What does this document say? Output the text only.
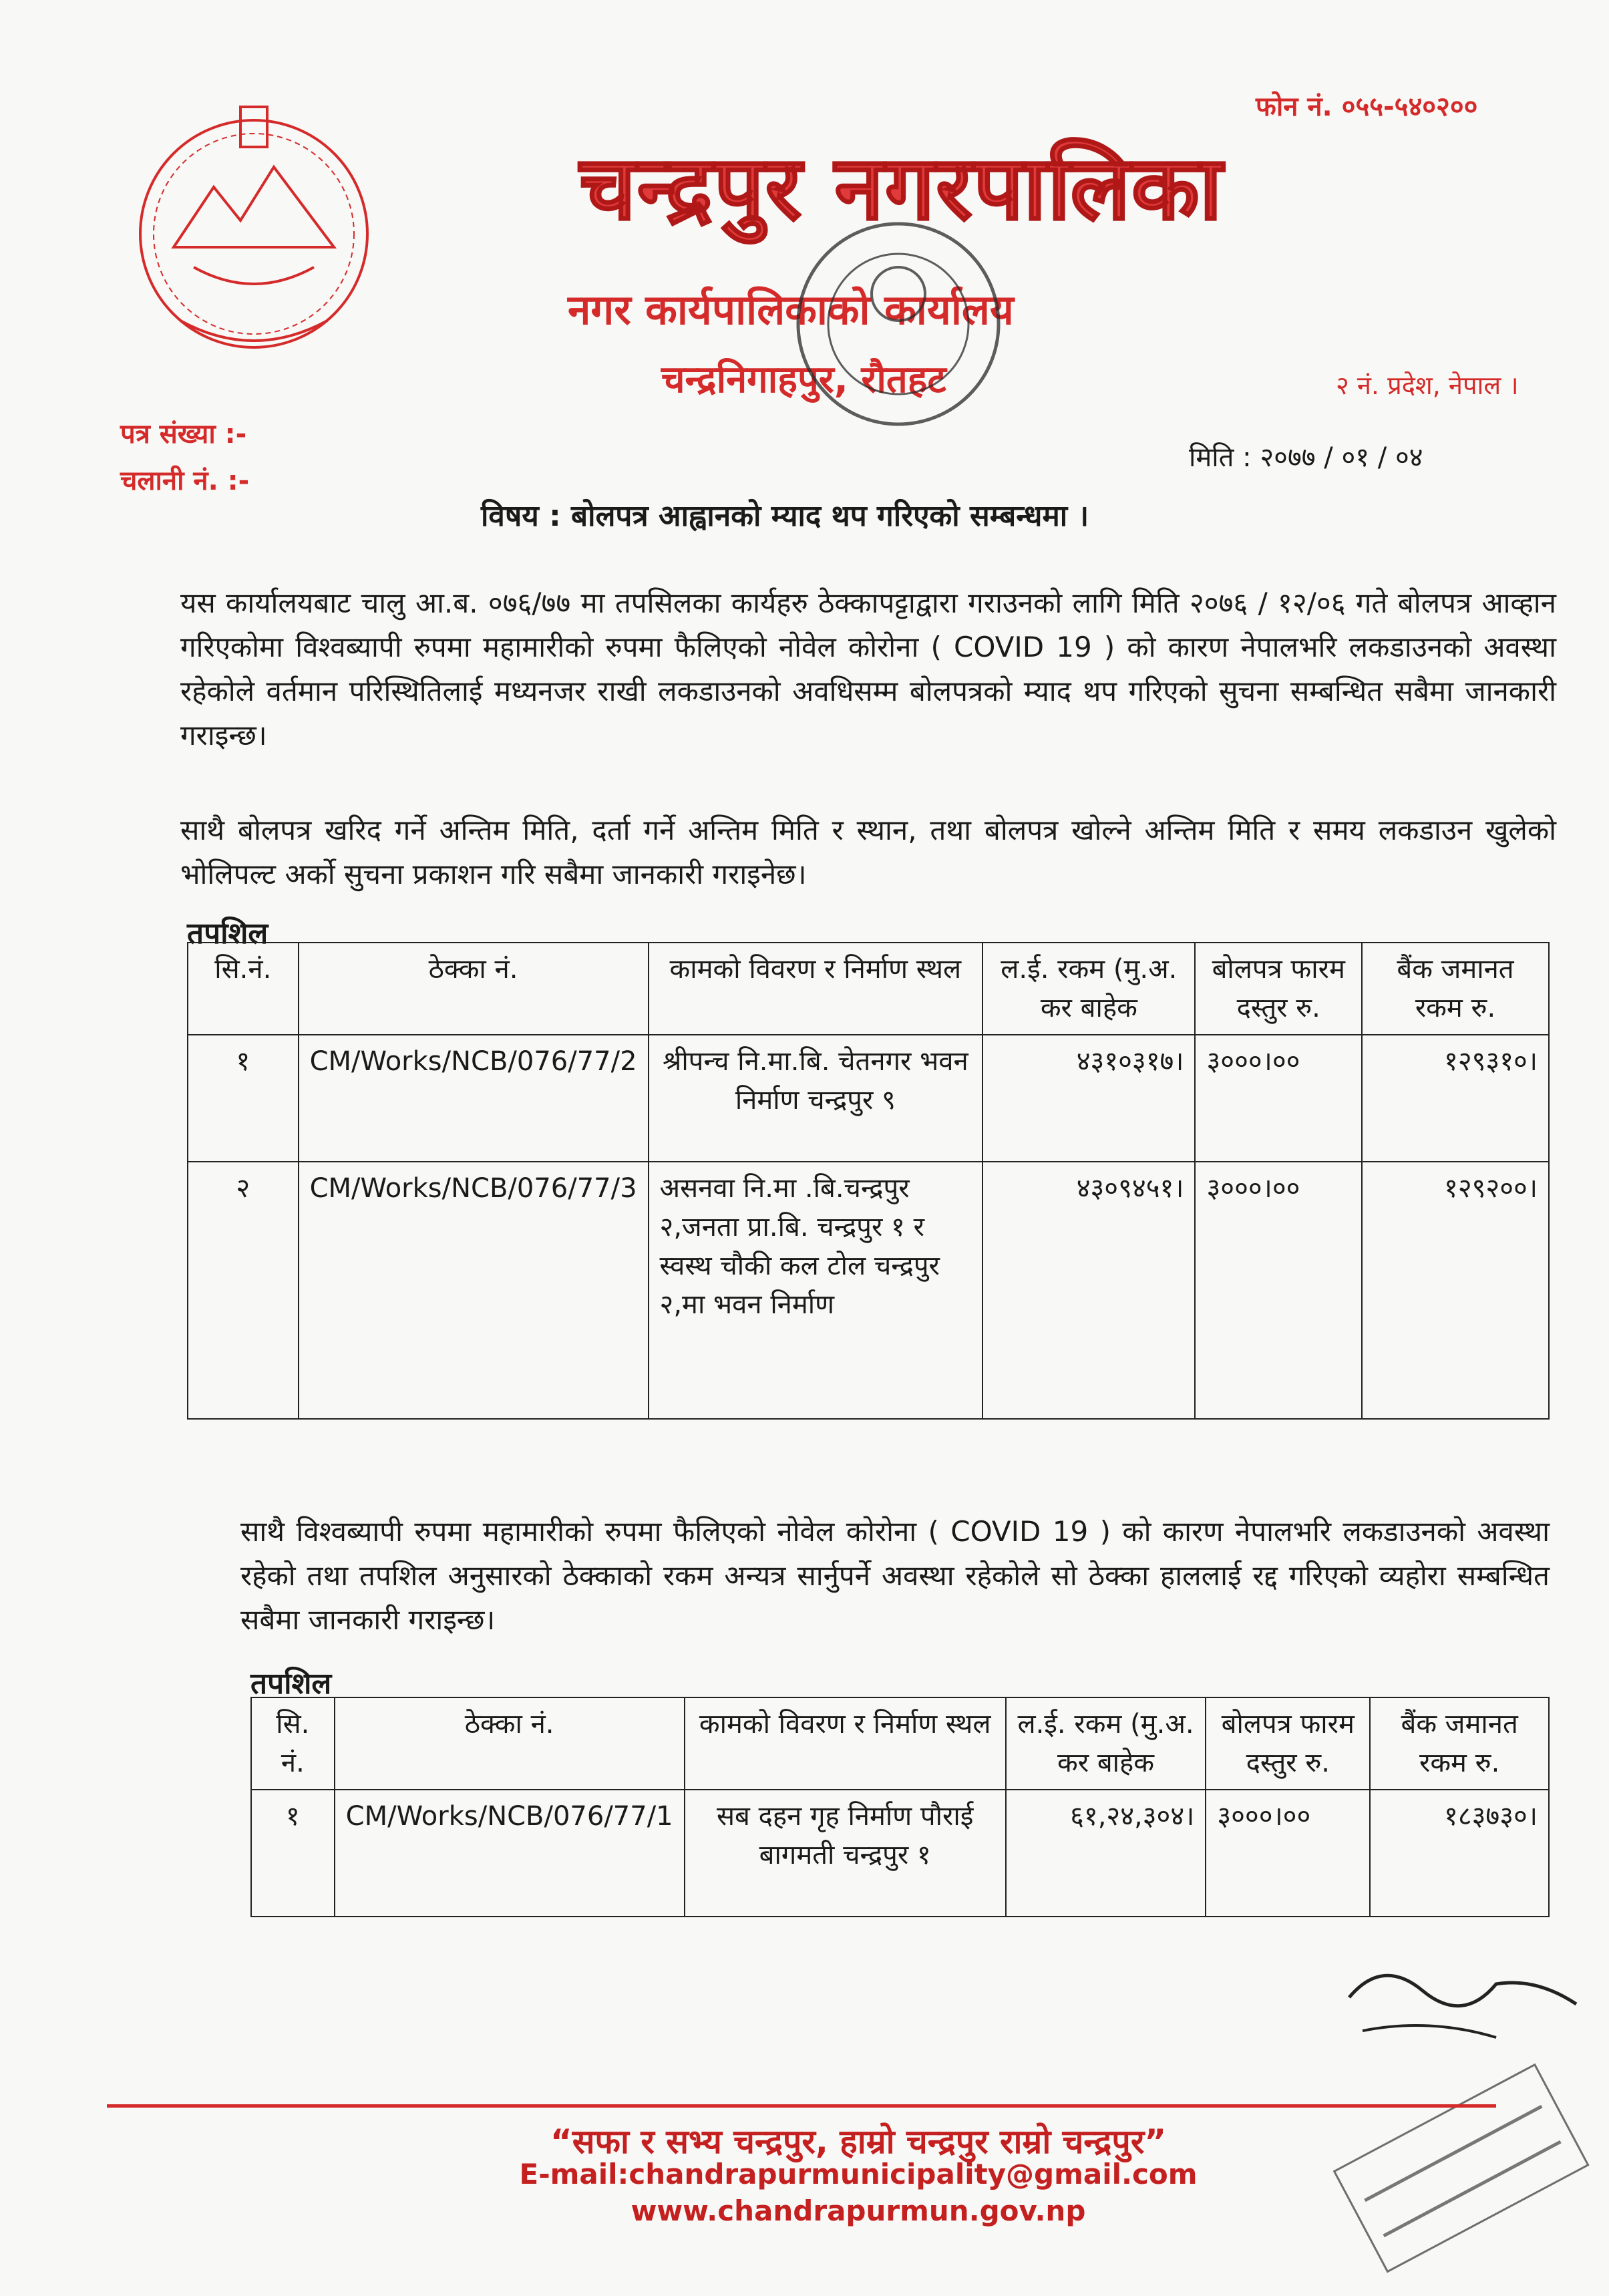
फोन नं. ०५५-५४०२००
चन्द्रपुर नगरपालिका
नगर कार्यपालिकाको कार्यालय
चन्द्रनिगाहपुर, रौतहट	२ नं. प्रदेश, नेपाल ।
पत्र संख्या :-
चलानी नं. :-
मिति : २०७७ / ०१ / ०४
विषय : बोलपत्र आह्वानको म्याद थप गरिएको सम्बन्धमा ।
यस कार्यालयबाट चालु आ.ब. ०७६/७७ मा तपसिलका कार्यहरु ठेक्कापट्टाद्वारा गराउनको लागि मिति २०७६ / १२/०६ गते बोलपत्र आव्हान गरिएकोमा विश्वब्यापी रुपमा महामारीको रुपमा फैलिएको नोवेल कोरोना ( COVID 19 ) को कारण नेपालभरि लकडाउनको अवस्था रहेकोले वर्तमान परिस्थितिलाई मध्यनजर राखी लकडाउनको अवधिसम्म बोलपत्रको म्याद थप गरिएको सुचना सम्बन्धित सबैमा जानकारी गराइन्छ।
साथै बोलपत्र खरिद गर्ने अन्तिम मिति, दर्ता गर्ने अन्तिम मिति र स्थान, तथा बोलपत्र खोल्ने अन्तिम मिति र समय लकडाउन खुलेको भोलिपल्ट अर्को सुचना प्रकाशन गरि सबैमा जानकारी गराइनेछ।
तपशिल
सि.नं.	ठेक्का नं.	कामको विवरण र निर्माण स्थल	ल.ई. रकम (मु.अ. कर बाहेक	बोलपत्र फारम दस्तुर रु.	बैंक जमानत रकम रु.
१	CM/Works/NCB/076/77/2	श्रीपन्च नि.मा.बि. चेतनगर भवन निर्माण चन्द्रपुर ९	४३१०३१७।	३०००।००	१२९३१०।
२	CM/Works/NCB/076/77/3	असनवा नि.मा .बि.चन्द्रपुर २,जनता प्रा.बि. चन्द्रपुर १ र स्वस्थ चौकी कल टोल चन्द्रपुर २,मा भवन निर्माण	४३०९४५१।	३०००।००	१२९२००।
साथै विश्वब्यापी रुपमा महामारीको रुपमा फैलिएको नोवेल कोरोना ( COVID 19 ) को कारण नेपालभरि लकडाउनको अवस्था रहेको तथा तपशिल अनुसारको ठेक्काको रकम अन्यत्र सार्नुपर्ने अवस्था रहेकोले सो ठेक्का हाललाई रद्द गरिएको व्यहोरा सम्बन्धित सबैमा जानकारी गराइन्छ।
तपशिल
सि. नं.	ठेक्का नं.	कामको विवरण र निर्माण स्थल	ल.ई. रकम (मु.अ. कर बाहेक	बोलपत्र फारम दस्तुर रु.	बैंक जमानत रकम रु.
१	CM/Works/NCB/076/77/1	सब दहन गृह निर्माण पौराई बागमती चन्द्रपुर १	६१,२४,३०४।	३०००।००	१८३७३०।
“सफा र सभ्य चन्द्रपुर, हाम्रो चन्द्रपुर राम्रो चन्द्रपुर”
E-mail:chandrapurmunicipality@gmail.com
www.chandrapurmun.gov.np
